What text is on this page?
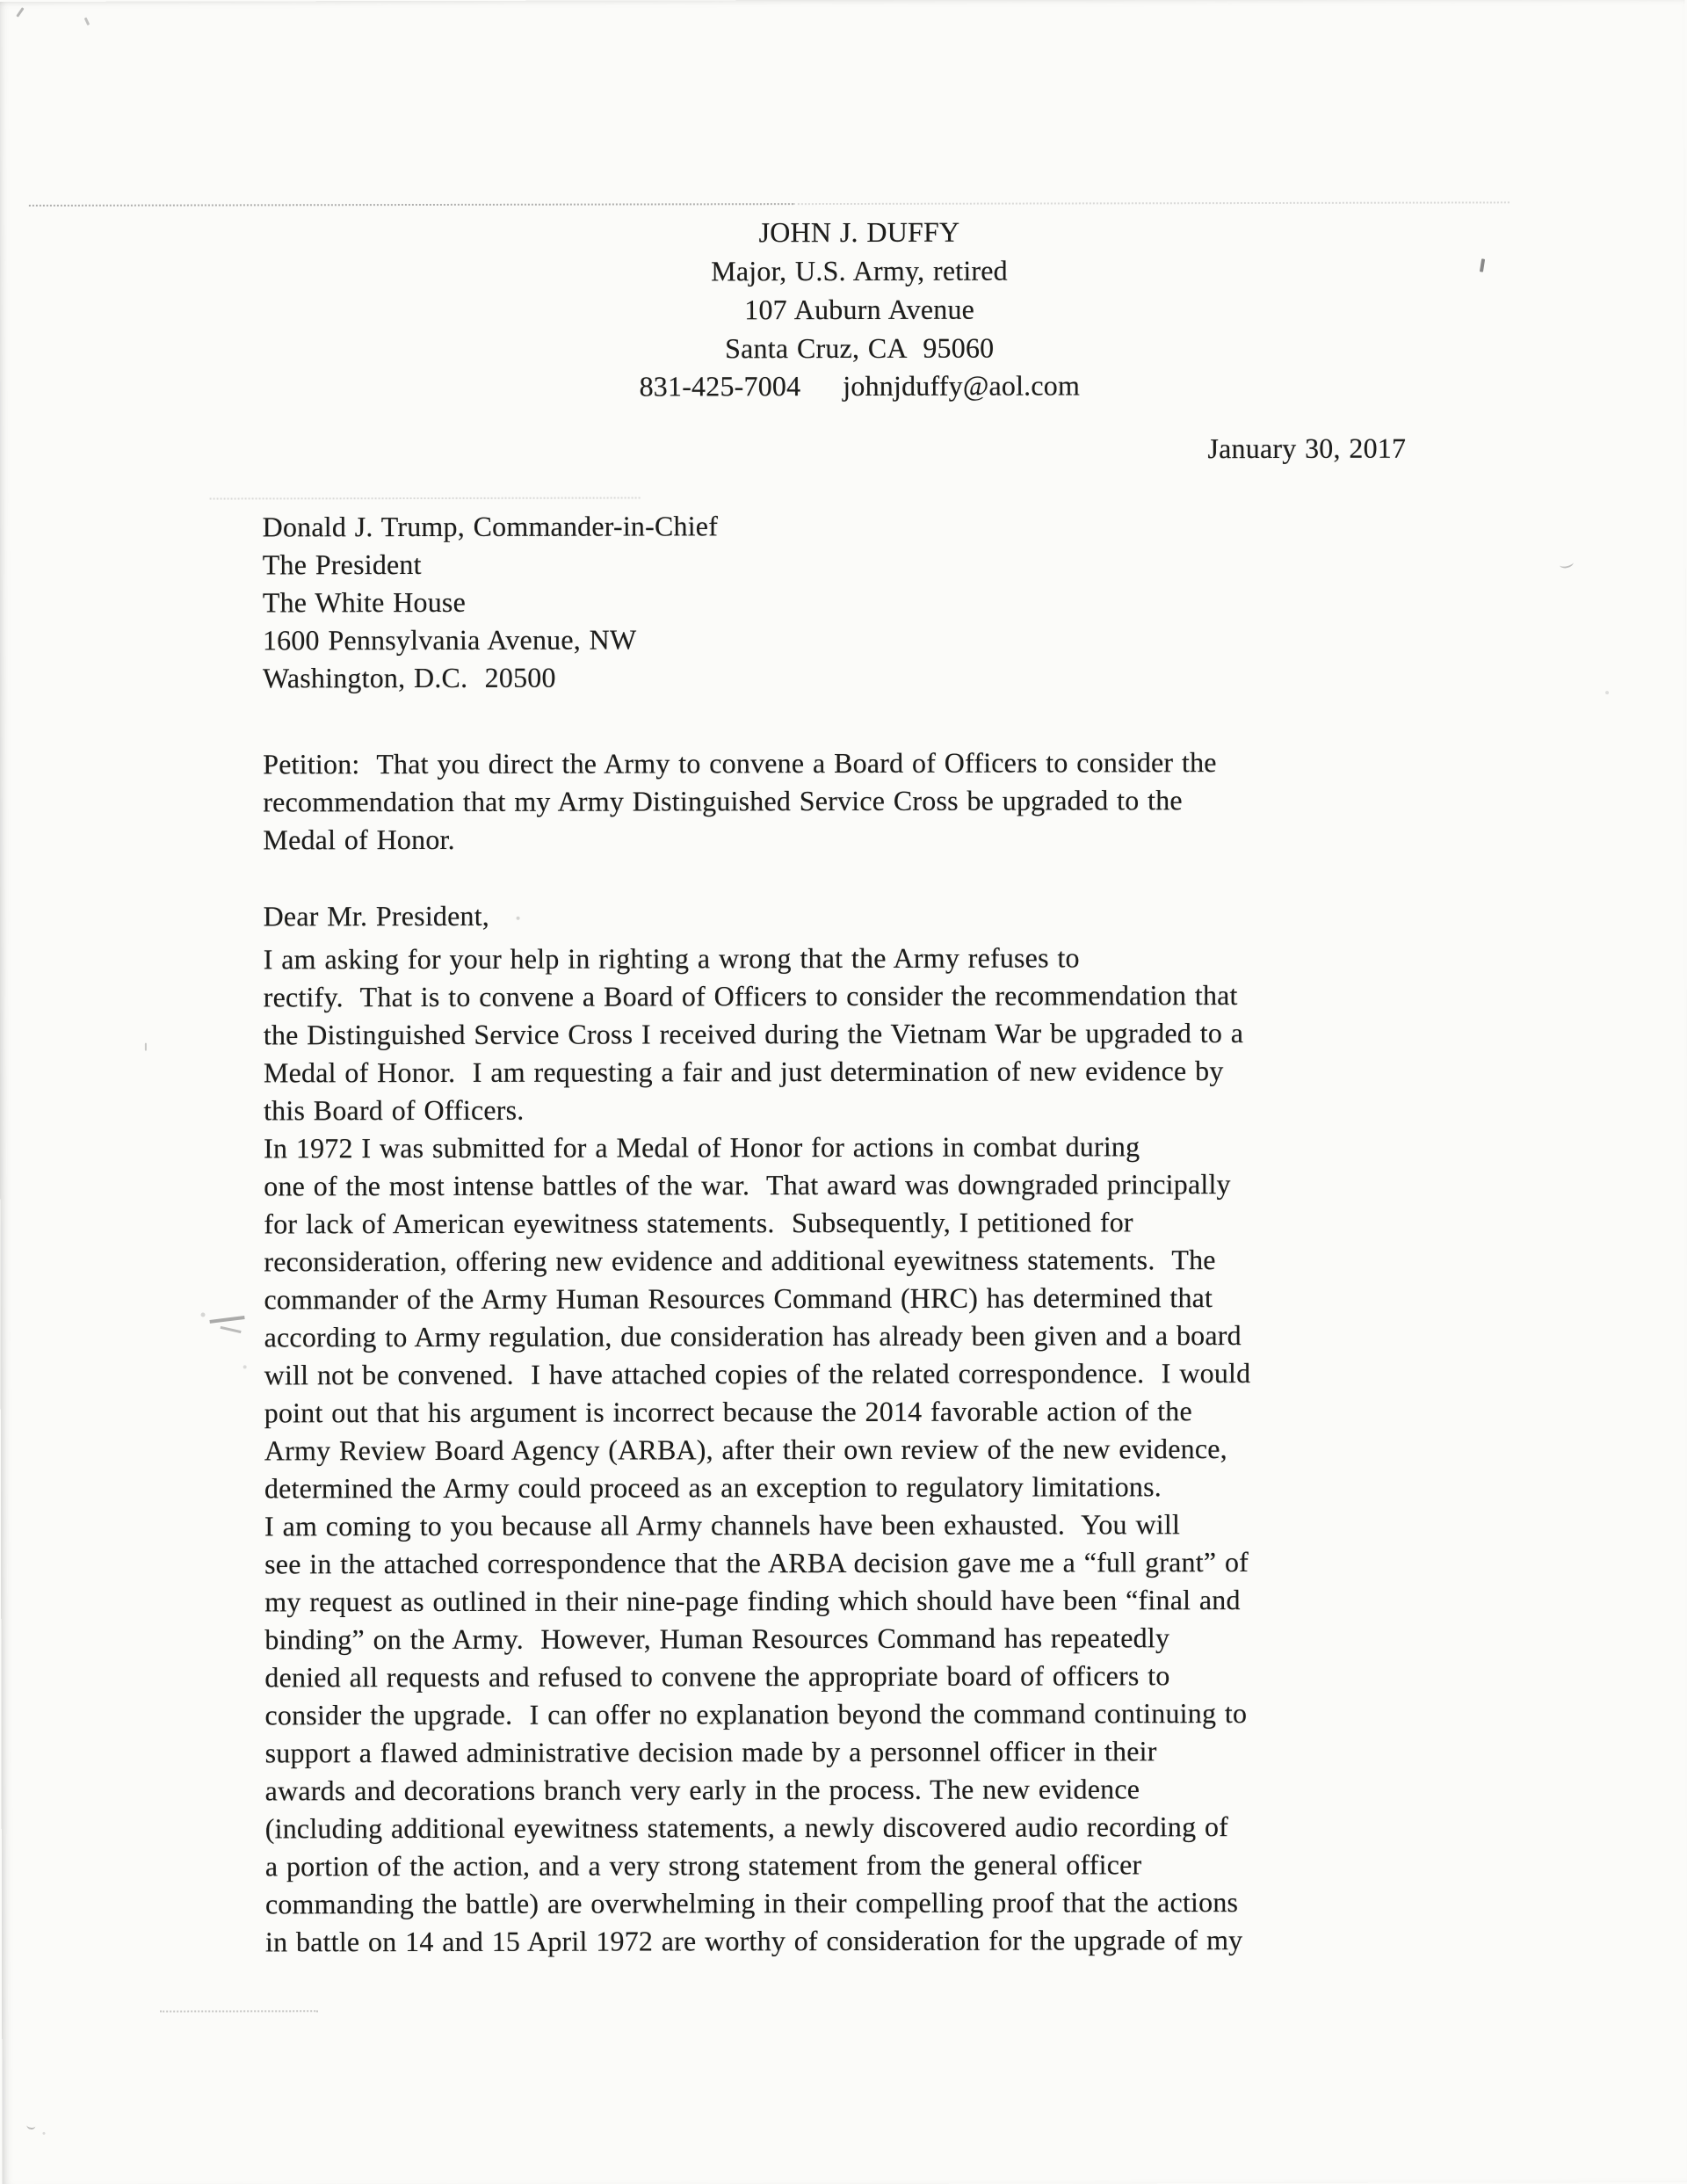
JOHN J. DUFFY
Major, U.S. Army, retired
107 Auburn Avenue
Santa Cruz, CA  95060
831-425-7004 johnjduffy@aol.com
January 30, 2017
Donald J. Trump, Commander-in-Chief
The President
The White House
1600 Pennsylvania Avenue, NW
Washington, D.C.  20500
Petition:  That you direct the Army to convene a Board of Officers to consider the
recommendation that my Army Distinguished Service Cross be upgraded to the
Medal of Honor.
Dear Mr. President,
I am asking for your help in righting a wrong that the Army refuses to
rectify.  That is to convene a Board of Officers to consider the recommendation that
the Distinguished Service Cross I received during the Vietnam War be upgraded to a
Medal of Honor.  I am requesting a fair and just determination of new evidence by
this Board of Officers.
In 1972 I was submitted for a Medal of Honor for actions in combat during
one of the most intense battles of the war.  That award was downgraded principally
for lack of American eyewitness statements.  Subsequently, I petitioned for
reconsideration, offering new evidence and additional eyewitness statements.  The
commander of the Army Human Resources Command (HRC) has determined that
according to Army regulation, due consideration has already been given and a board
will not be convened.  I have attached copies of the related correspondence.  I would
point out that his argument is incorrect because the 2014 favorable action of the
Army Review Board Agency (ARBA), after their own review of the new evidence,
determined the Army could proceed as an exception to regulatory limitations.
I am coming to you because all Army channels have been exhausted.  You will
see in the attached correspondence that the ARBA decision gave me a “full grant” of
my request as outlined in their nine-page finding which should have been “final and
binding” on the Army.  However, Human Resources Command has repeatedly
denied all requests and refused to convene the appropriate board of officers to
consider the upgrade.  I can offer no explanation beyond the command continuing to
support a flawed administrative decision made by a personnel officer in their
awards and decorations branch very early in the process. The new evidence
(including additional eyewitness statements, a newly discovered audio recording of
a portion of the action, and a very strong statement from the general officer
commanding the battle) are overwhelming in their compelling proof that the actions
in battle on 14 and 15 April 1972 are worthy of consideration for the upgrade of my
